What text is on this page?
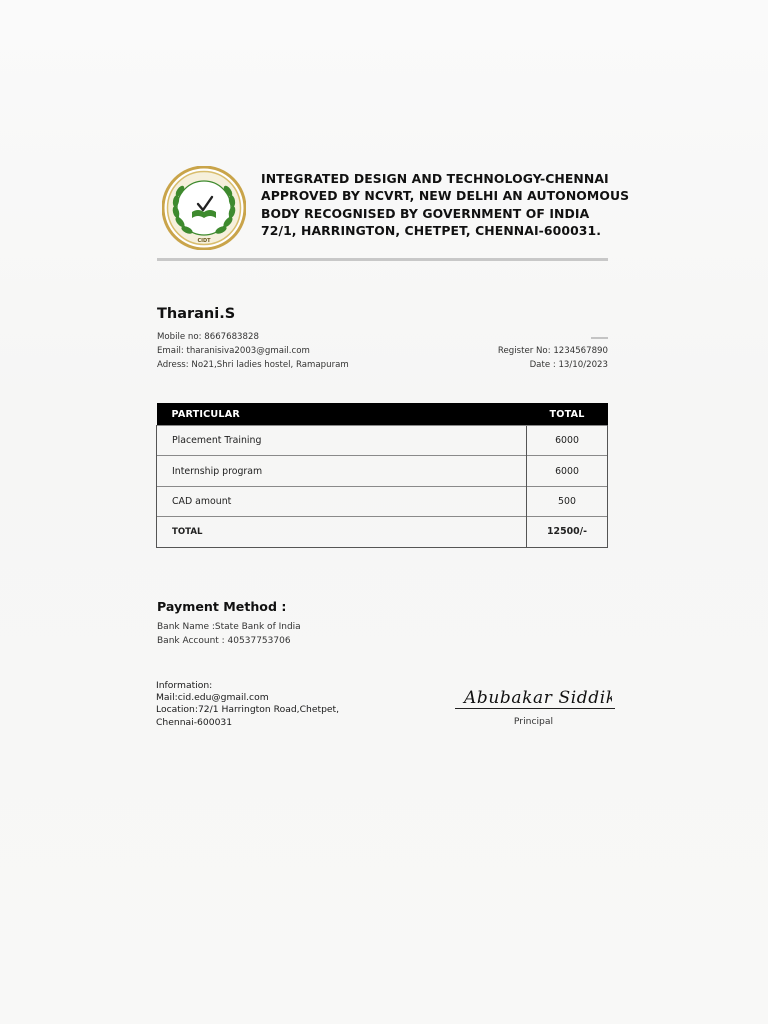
CIDT
INTEGRATED DESIGN AND TECHNOLOGY-CHENNAI
APPROVED BY NCVRT, NEW DELHI AN AUTONOMOUS
BODY RECOGNISED BY GOVERNMENT OF INDIA
72/1, HARRINGTON, CHETPET, CHENNAI-600031.
Tharani.S
Mobile no: 8667683828
Email: tharanisiva2003@gmail.com
Adress: No21,Shri ladies hostel, Ramapuram
Register No: 1234567890
Date : 13/10/2023
PARTICULAR	TOTAL
Placement Training	6000
Internship program	6000
CAD amount	500
TOTAL	12500/-
Payment Method :
Bank Name :State Bank of India
Bank Account : 40537753706
Information:
Mail:cid.edu@gmail.com
Location:72/1 Harrington Road,Chetpet,
Chennai-600031
Abubakar Siddik
Principal
